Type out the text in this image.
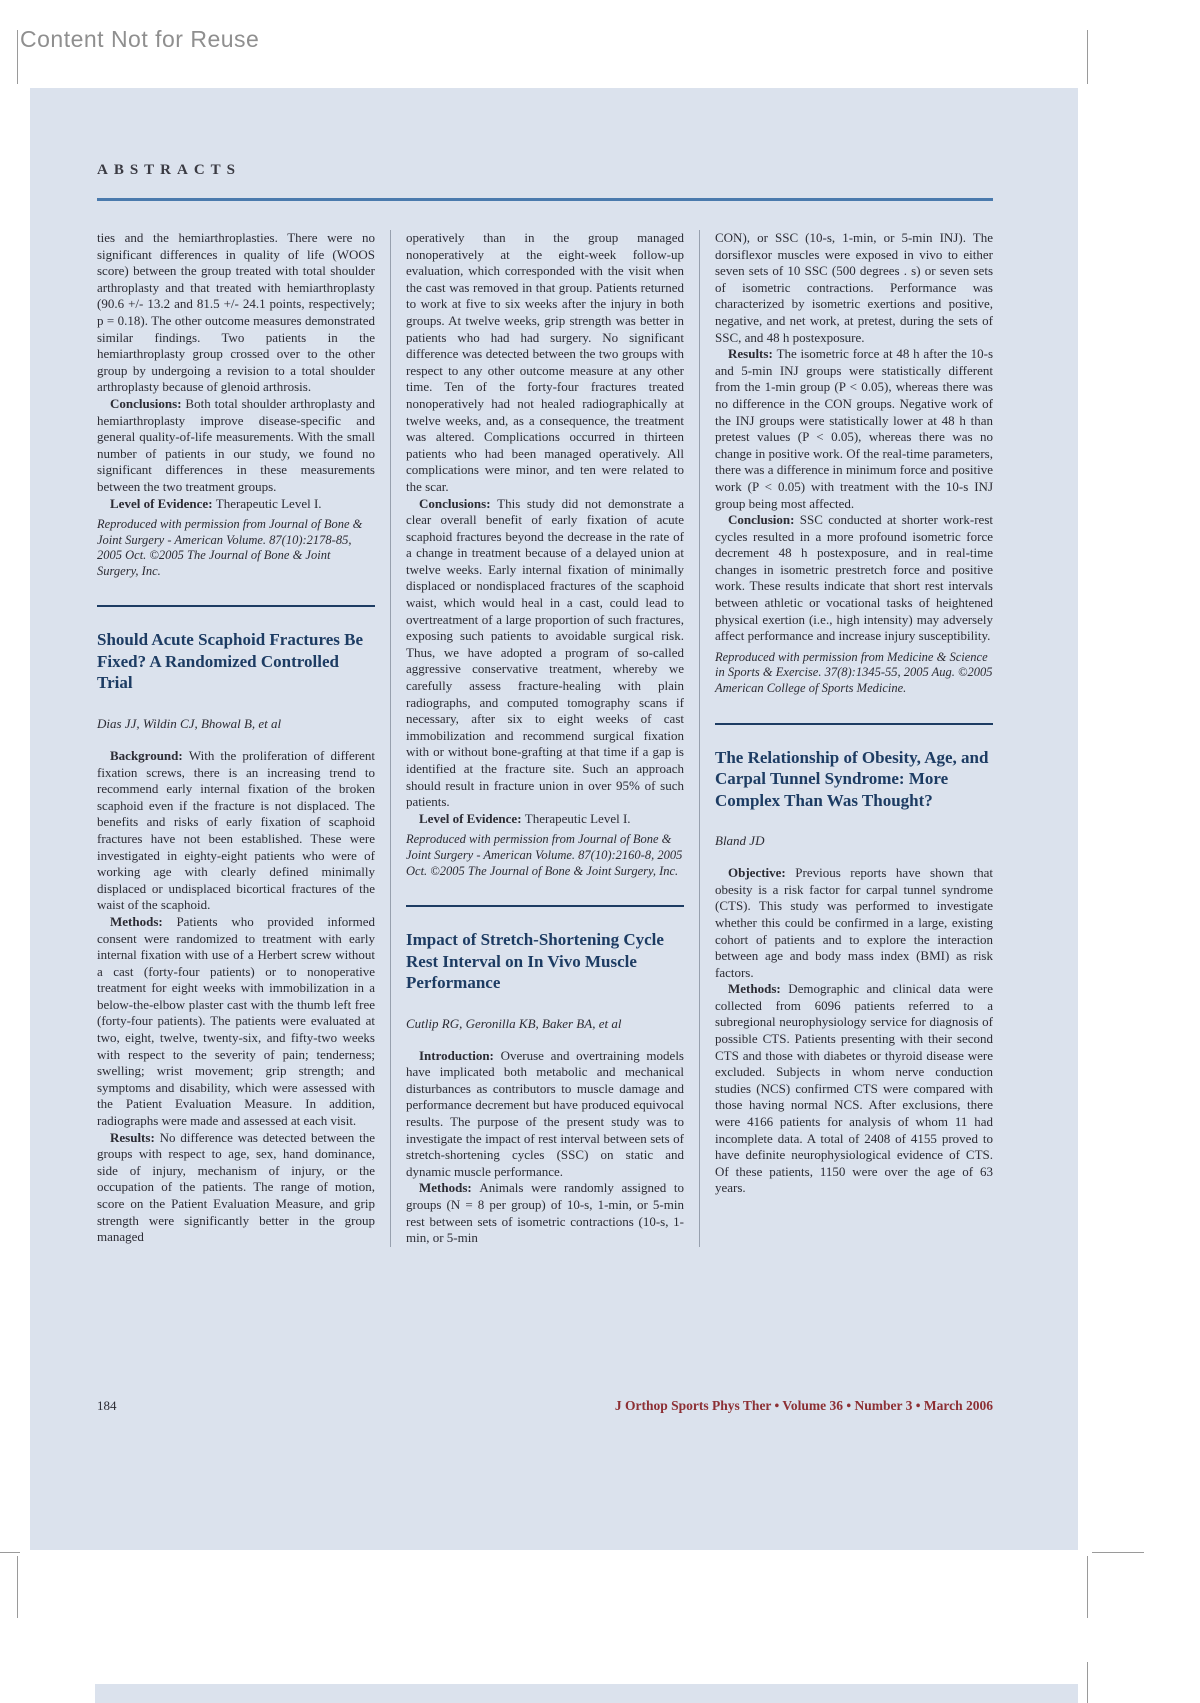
Content Not for Reuse
ABSTRACTS

ties and the hemiarthroplasties. There were no significant differences in quality of life (WOOS score) between the group treated with total shoulder arthroplasty and that treated with hemiarthroplasty (90.6 +/- 13.2 and 81.5 +/- 24.1 points, respectively; p = 0.18). The other outcome measures demonstrated similar findings. Two patients in the hemiarthroplasty group crossed over to the other group by undergoing a revision to a total shoulder arthroplasty because of glenoid arthrosis.

Conclusions: Both total shoulder arthroplasty and hemiarthroplasty improve disease-specific and general quality-of-life measurements. With the small number of patients in our study, we found no significant differences in these measurements between the two treatment groups.

Level of Evidence: Therapeutic Level I.

Reproduced with permission from Journal of Bone & Joint Surgery - American Volume. 87(10):2178-85, 2005 Oct. ©2005 The Journal of Bone & Joint Surgery, Inc.

Should Acute Scaphoid Fractures Be Fixed? A Randomized Controlled Trial

Dias JJ, Wildin CJ, Bhowal B, et al

Background: With the proliferation of different fixation screws, there is an increasing trend to recommend early internal fixation of the broken scaphoid even if the fracture is not displaced. The benefits and risks of early fixation of scaphoid fractures have not been established. These were investigated in eighty-eight patients who were of working age with clearly defined minimally displaced or undisplaced bicortical fractures of the waist of the scaphoid.

Methods: Patients who provided informed consent were randomized to treatment with early internal fixation with use of a Herbert screw without a cast (forty-four patients) or to nonoperative treatment for eight weeks with immobilization in a below-the-elbow plaster cast with the thumb left free (forty-four patients). The patients were evaluated at two, eight, twelve, twenty-six, and fifty-two weeks with respect to the severity of pain; tenderness; swelling; wrist movement; grip strength; and symptoms and disability, which were assessed with the Patient Evaluation Measure. In addition, radiographs were made and assessed at each visit.

Results: No difference was detected between the groups with respect to age, sex, hand dominance, side of injury, mechanism of injury, or the occupation of the patients. The range of motion, score on the Patient Evaluation Measure, and grip strength were significantly better in the group managed

operatively than in the group managed nonoperatively at the eight-week follow-up evaluation, which corresponded with the visit when the cast was removed in that group. Patients returned to work at five to six weeks after the injury in both groups. At twelve weeks, grip strength was better in patients who had had surgery. No significant difference was detected between the two groups with respect to any other outcome measure at any other time. Ten of the forty-four fractures treated nonoperatively had not healed radiographically at twelve weeks, and, as a consequence, the treatment was altered. Complications occurred in thirteen patients who had been managed operatively. All complications were minor, and ten were related to the scar.

Conclusions: This study did not demonstrate a clear overall benefit of early fixation of acute scaphoid fractures beyond the decrease in the rate of a change in treatment because of a delayed union at twelve weeks. Early internal fixation of minimally displaced or nondisplaced fractures of the scaphoid waist, which would heal in a cast, could lead to overtreatment of a large proportion of such fractures, exposing such patients to avoidable surgical risk. Thus, we have adopted a program of so-called aggressive conservative treatment, whereby we carefully assess fracture-healing with plain radiographs, and computed tomography scans if necessary, after six to eight weeks of cast immobilization and recommend surgical fixation with or without bone-grafting at that time if a gap is identified at the fracture site. Such an approach should result in fracture union in over 95% of such patients.

Level of Evidence: Therapeutic Level I.

Reproduced with permission from Journal of Bone & Joint Surgery - American Volume. 87(10):2160-8, 2005 Oct. ©2005 The Journal of Bone & Joint Surgery, Inc.

Impact of Stretch-Shortening Cycle Rest Interval on In Vivo Muscle Performance

Cutlip RG, Geronilla KB, Baker BA, et al

Introduction: Overuse and overtraining models have implicated both metabolic and mechanical disturbances as contributors to muscle damage and performance decrement but have produced equivocal results. The purpose of the present study was to investigate the impact of rest interval between sets of stretch-shortening cycles (SSC) on static and dynamic muscle performance.

Methods: Animals were randomly assigned to groups (N = 8 per group) of 10-s, 1-min, or 5-min rest between sets of isometric contractions (10-s, 1-min, or 5-min

CON), or SSC (10-s, 1-min, or 5-min INJ). The dorsiflexor muscles were exposed in vivo to either seven sets of 10 SSC (500 degrees . s) or seven sets of isometric contractions. Performance was characterized by isometric exertions and positive, negative, and net work, at pretest, during the sets of SSC, and 48 h postexposure.

Results: The isometric force at 48 h after the 10-s and 5-min INJ groups were statistically different from the 1-min group (P < 0.05), whereas there was no difference in the CON groups. Negative work of the INJ groups were statistically lower at 48 h than pretest values (P < 0.05), whereas there was no change in positive work. Of the real-time parameters, there was a difference in minimum force and positive work (P < 0.05) with treatment with the 10-s INJ group being most affected.

Conclusion: SSC conducted at shorter work-rest cycles resulted in a more profound isometric force decrement 48 h postexposure, and in real-time changes in isometric prestretch force and positive work. These results indicate that short rest intervals between athletic or vocational tasks of heightened physical exertion (i.e., high intensity) may adversely affect performance and increase injury susceptibility.

Reproduced with permission from Medicine & Science in Sports & Exercise. 37(8):1345-55, 2005 Aug. ©2005 American College of Sports Medicine.

The Relationship of Obesity, Age, and Carpal Tunnel Syndrome: More Complex Than Was Thought?

Bland JD

Objective: Previous reports have shown that obesity is a risk factor for carpal tunnel syndrome (CTS). This study was performed to investigate whether this could be confirmed in a large, existing cohort of patients and to explore the interaction between age and body mass index (BMI) as risk factors.

Methods: Demographic and clinical data were collected from 6096 patients referred to a subregional neurophysiology service for diagnosis of possible CTS. Patients presenting with their second CTS and those with diabetes or thyroid disease were excluded. Subjects in whom nerve conduction studies (NCS) confirmed CTS were compared with those having normal NCS. After exclusions, there were 4166 patients for analysis of whom 11 had incomplete data. A total of 2408 of 4155 proved to have definite neurophysiological evidence of CTS. Of these patients, 1150 were over the age of 63 years.

184	J Orthop Sports Phys Ther • Volume 36 • Number 3 • March 2006
